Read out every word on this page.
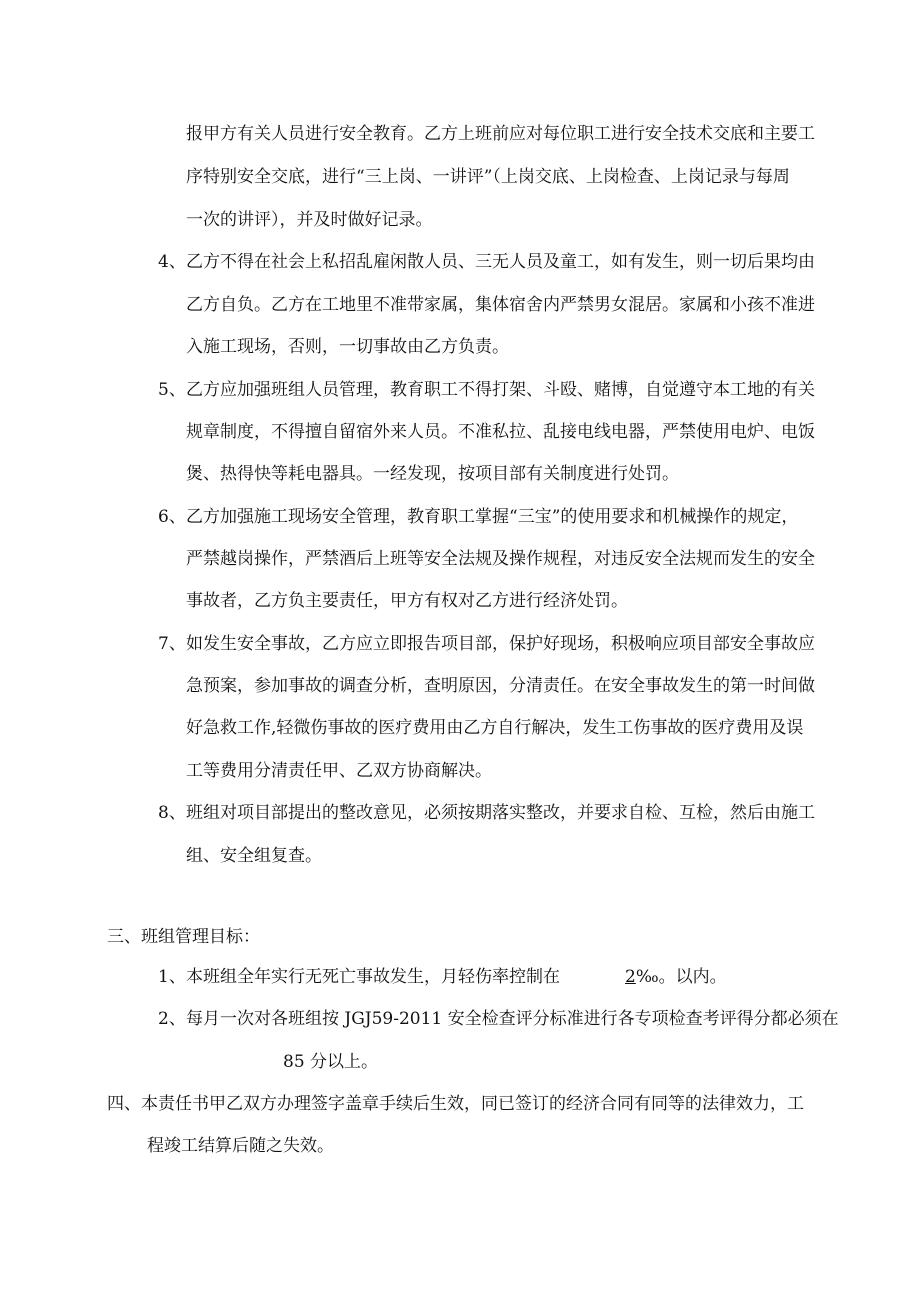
报甲方有关人员进行安全教育。乙方上班前应对每位职工进行安全技术交底和主要工
序特别安全交底，进行“三上岗、一讲评”（上岗交底、上岗检查、上岗记录与每周
一次的讲评），并及时做好记录。
4、 乙方不得在社会上私招乱雇闲散人员、三无人员及童工，如有发生，则一切后果均由
乙方自负。乙方在工地里不准带家属，集体宿舍内严禁男女混居。家属和小孩不准进
入施工现场，否则，一切事故由乙方负责。
5、 乙方应加强班组人员管理，教育职工不得打架、斗殴、赌博，自觉遵守本工地的有关
规章制度，不得擅自留宿外来人员。不准私拉、乱接电线电器，严禁使用电炉、电饭
煲、热得快等耗电器具。一经发现，按项目部有关制度进行处罚。
6、 乙方加强施工现场安全管理，教育职工掌握“三宝”的使用要求和机械操作的规定，
严禁越岗操作，严禁酒后上班等安全法规及操作规程，对违反安全法规而发生的安全
事故者，乙方负主要责任，甲方有权对乙方进行经济处罚。
7、 如发生安全事故，乙方应立即报告项目部，保护好现场，积极响应项目部安全事故应
急预案，参加事故的调查分析，查明原因，分清责任。在安全事故发生的第一时间做
好急救工作,轻微伤事故的医疗费用由乙方自行解决，发生工伤事故的医疗费用及误
工等费用分清责任甲、乙双方协商解决。
8、 班组对项目部提出的整改意见，必须按期落实整改，并要求自检、互检，然后由施工
组、安全组复查。
三、班组管理目标：
1、 本班组全年实行无死亡事故发生，月轻伤率控制在	2‰。以内。
2、 每月一次对各班组按 JGJ59-2011 安全检查评分标准进行各专项检查考评得分都必须在
85 分以上。
四、本责任书甲乙双方办理签字盖章手续后生效，同已签订的经济合同有同等的法律效力，工
程竣工结算后随之失效。
